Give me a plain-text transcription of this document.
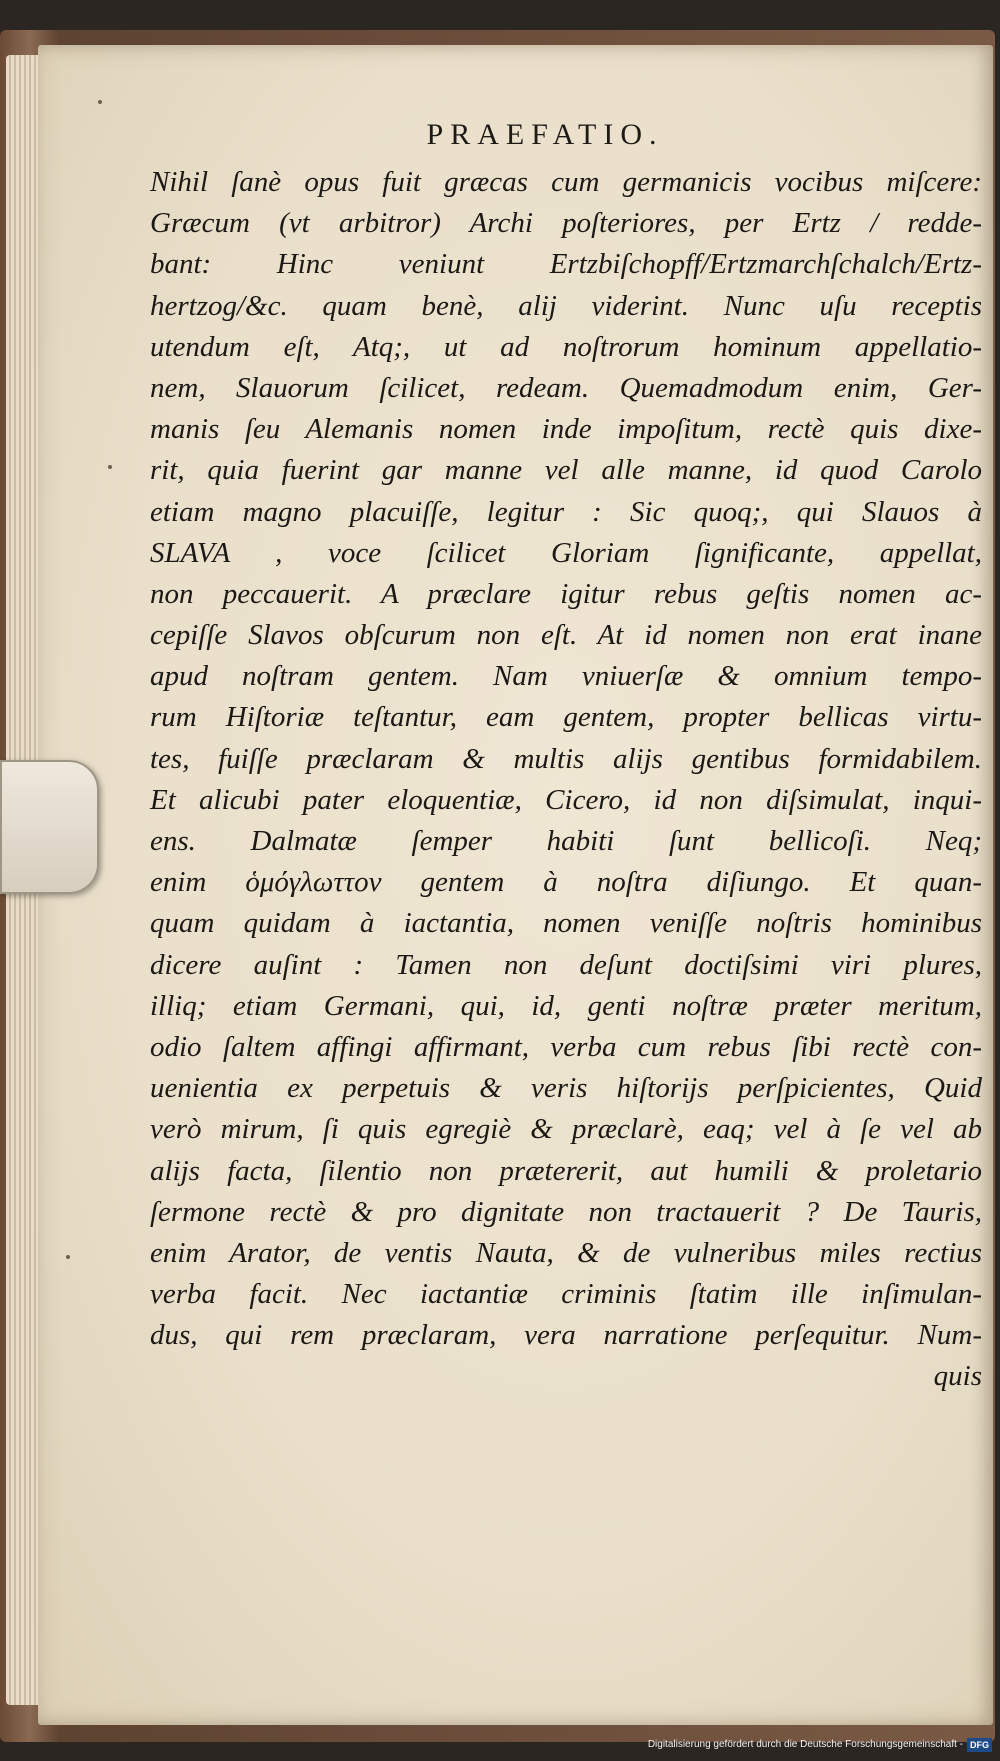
PRAEFATIO.
Nihil ſanè opus fuit græcas cum germanicis vocibus miſcere:
Græcum (vt arbitror) Archi poſteriores, per Ertz / redde-
bant: Hinc veniunt Ertzbiſchopff/Ertzmarchſchalch/Ertz-
hertzog/&c. quam benè, alij viderint. Nunc uſu receptis
utendum eſt, Atq;, ut ad noſtrorum hominum appellatio-
nem, Slauorum ſcilicet, redeam. Quemadmodum enim, Ger-
manis ſeu Alemanis nomen inde impoſitum, rectè quis dixe-
rit, quia fuerint gar manne vel alle manne, id quod Carolo
etiam magno placuiſſe, legitur : Sic quoq;, qui Slauos à
SLAVA , voce ſcilicet Gloriam ſignificante, appellat,
non peccauerit. A præclare igitur rebus geſtis nomen ac-
cepiſſe Slavos obſcurum non eſt. At id nomen non erat inane
apud noſtram gentem. Nam vniuerſæ & omnium tempo-
rum Hiſtoriæ teſtantur, eam gentem, propter bellicas virtu-
tes, fuiſſe præclaram & multis alijs gentibus formidabilem.
Et alicubi pater eloquentiæ, Cicero, id non diſsimulat, inqui-
ens. Dalmatæ ſemper habiti ſunt bellicoſi. Neq;
enim ὁμόγλωττον gentem à noſtra diſiungo. Et quan-
quam quidam à iactantia, nomen veniſſe noſtris hominibus
dicere auſint : Tamen non deſunt doctiſsimi viri plures,
illiq; etiam Germani, qui, id, genti noſtræ præter meritum,
odio ſaltem affingi affirmant, verba cum rebus ſibi rectè con-
uenientia ex perpetuis & veris hiſtorijs perſpicientes, Quid
verò mirum, ſi quis egregiè & præclarè, eaq; vel à ſe vel ab
alijs facta, ſilentio non prætererit, aut humili & proletario
ſermone rectè & pro dignitate non tractauerit ? De Tauris,
enim Arator, de ventis Nauta, & de vulneribus miles rectius
verba facit. Nec iactantiæ criminis ſtatim ille inſimulan-
dus, qui rem præclaram, vera narratione perſequitur. Num-
quis
Digitalisierung gefördert durch die Deutsche Forschungsgemeinschaft - DFG
